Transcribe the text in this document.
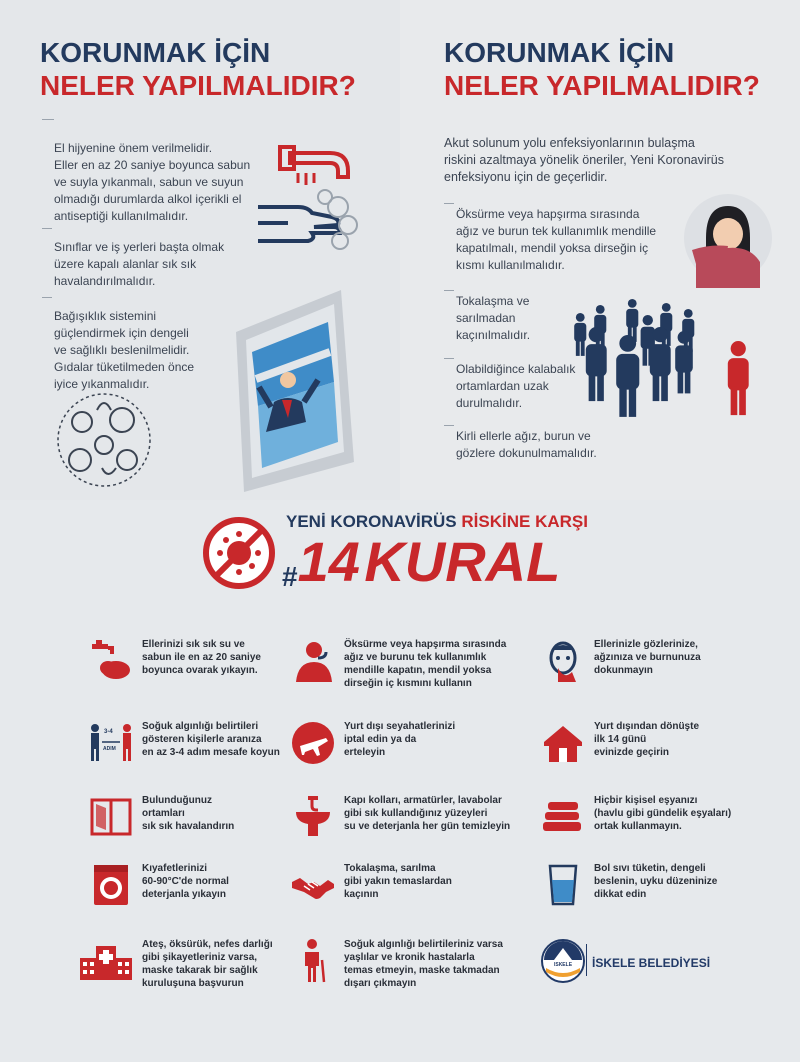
KORUNMAK İÇİN
NELER YAPILMALIDIR?
El hijyenine önem verilmelidir.
Eller en az 20 saniye boyunca sabun
ve suyla yıkanmalı, sabun ve suyun
olmadığı durumlarda alkol içerikli el
antiseptiği kullanılmalıdır.
Sınıflar ve iş yerleri başta olmak
üzere kapalı alanlar sık sık
havalandırılmalıdır.
Bağışıklık sistemini
güçlendirmek için dengeli
ve sağlıklı beslenilmelidir.
Gıdalar tüketilmeden önce
iyice yıkanmalıdır.
KORUNMAK İÇİN
NELER YAPILMALIDIR?
Akut solunum yolu enfeksiyonlarının bulaşma
riskini azaltmaya yönelik öneriler, Yeni Koronavirüs
enfeksiyonu için de geçerlidir.
Öksürme veya hapşırma sırasında
ağız ve burun tek kullanımlık mendille
kapatılmalı, mendil yoksa dirseğin iç
kısmı kullanılmalıdır.
Tokalaşma ve
sarılmadan
kaçınılmalıdır.
Olabildiğince kalabalık
ortamlardan uzak
durulmalıdır.
Kirli ellerle ağız, burun ve
gözlere dokunulmamalıdır.
YENİ KORONAVİRÜS RİSKİNE KARŞI
#14 KURAL
Ellerinizi sık sık su ve
sabun ile en az 20 saniye
boyunca ovarak yıkayın.
Öksürme veya hapşırma sırasında
ağız ve burunu tek kullanımlık
mendille kapatın, mendil yoksa
dirseğin iç kısmını kullanın
Ellerinizle gözlerinize,
ağzınıza ve burnunuza
dokunmayın
3-4
ADIM
Soğuk algınlığı belirtileri
gösteren kişilerle aranıza
en az 3-4 adım mesafe koyun
Yurt dışı seyahatlerinizi
iptal edin ya da
erteleyin
Yurt dışından dönüşte
ilk 14 günü
evinizde geçirin
Bulunduğunuz
ortamları
sık sık havalandırın
Kapı kolları, armatürler, lavabolar
gibi sık kullandığınız yüzeyleri
su ve deterjanla her gün temizleyin
Hiçbir kişisel eşyanızı
(havlu gibi gündelik eşyaları)
ortak kullanmayın.
Kıyafetlerinizi
60-90°C'de normal
deterjanla yıkayın
Tokalaşma, sarılma
gibi yakın temaslardan
kaçının
Bol sıvı tüketin, dengeli
beslenin, uyku düzeninize
dikkat edin
Ateş, öksürük, nefes darlığı
gibi şikayetleriniz varsa,
maske takarak bir sağlık
kuruluşuna başvurun
Soğuk algınlığı belirtileriniz varsa
yaşlılar ve kronik hastalarla
temas etmeyin, maske takmadan
dışarı çıkmayın
ISKELE	İSKELE BELEDİYESİ
